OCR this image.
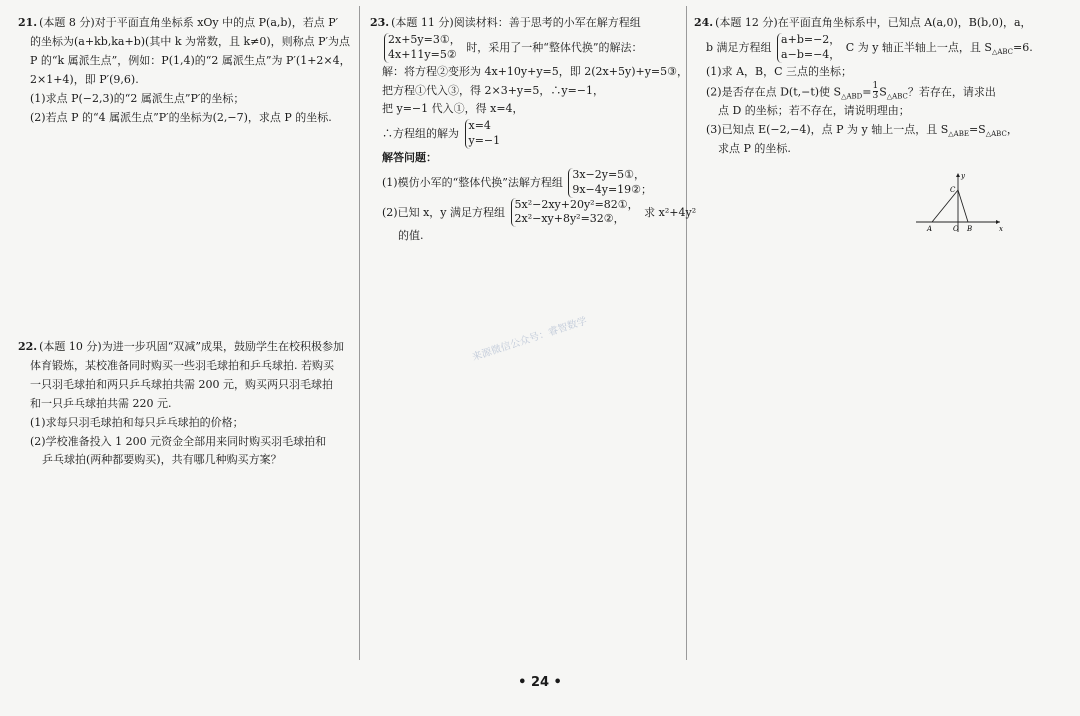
21. (本题 8 分)对于平面直角坐标系 xOy 中的点 P(a,b)，若点 P′
的坐标为(a+kb,ka+b)(其中 k 为常数，且 k≠0)，则称点 P′为点
P 的“k 属派生点”，例如：P(1,4)的“2 属派生点”为 P′(1+2×4，
2×1+4)，即 P′(9,6).
(1)求点 P(−2,3)的“2 属派生点”P′的坐标；
(2)若点 P 的“4 属派生点”P′的坐标为(2,−7)，求点 P 的坐标.
22. (本题 10 分)为进一步巩固“双减”成果，鼓励学生在校积极参加
体育锻炼，某校准备同时购买一些羽毛球拍和乒乓球拍. 若购买
一只羽毛球拍和两只乒乓球拍共需 200 元，购买两只羽毛球拍
和一只乒乓球拍共需 220 元.
(1)求每只羽毛球拍和每只乒乓球拍的价格；
(2)学校准备投入 1 200 元资金全部用来同时购买羽毛球拍和
乒乓球拍(两种都要购买)，共有哪几种购买方案？
23. (本题 11 分)阅读材料：善于思考的小军在解方程组
2x+5y=3①，
4x+11y=5②
时，采用了一种“整体代换”的解法：
解：将方程②变形为 4x+10y+y=5，即 2(2x+5y)+y=5③，
把方程①代入③，得 2×3+y=5，∴y=−1，
把 y=−1 代入①，得 x=4，
∴方程组的解为
x=4
y=−1
解答问题：
(1)模仿小军的“整体代换”法解方程组
3x−2y=5①，
9x−4y=19②；
(2)已知 x，y 满足方程组
5x²−2xy+20y²=82①，
2x²−xy+8y²=32②，
求 x²+4y²
的值.
24. (本题 12 分)在平面直角坐标系中，已知点 A(a,0)，B(b,0)，a，
b 满足方程组
a+b=−2，
a−b=−4，
C 为 y 轴正半轴上一点，且 $S_{\triangle ABC}=6$.
(1)求 A，B，C 三点的坐标；
(2)是否存在点 D(t,−t)使 $S_{\triangle ABD}= \frac{1}{3} S_{\triangle ABC}$？若存在，请求出
点 D 的坐标；若不存在，请说明理由；
(3)已知点 E(−2,−4)，点 P 为 y 轴上一点，且 $S_{\triangle ABE}=S_{\triangle ABC}$，
求点 P 的坐标.
y
x
C
A	O B
来源微信公众号：睿智数学
• 24 •
